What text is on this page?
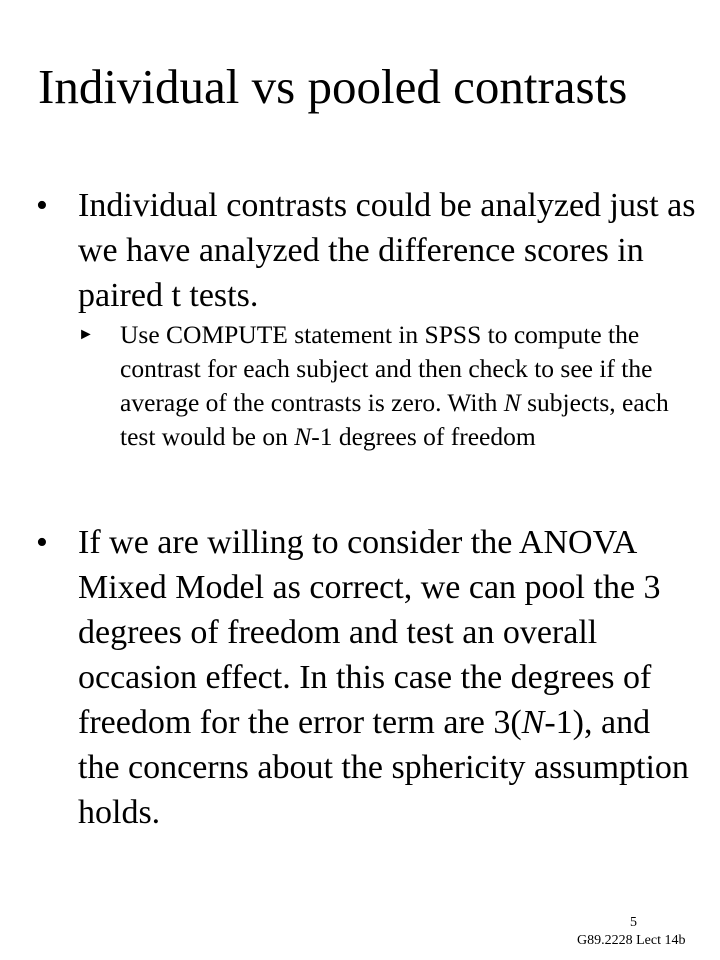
Individual vs pooled contrasts
• Individual contrasts could be analyzed just as we have analyzed the difference scores in paired t tests.
► Use COMPUTE statement in SPSS to compute the contrast for each subject and then check to see if the average of the contrasts is zero. With N subjects, each test would be on N-1 degrees of freedom
• If we are willing to consider the ANOVA Mixed Model as correct, we can pool the 3 degrees of freedom and test an overall occasion effect. In this case the degrees of freedom for the error term are 3(N-1), and the concerns about the sphericity assumption holds.
5
G89.2228 Lect 14b
